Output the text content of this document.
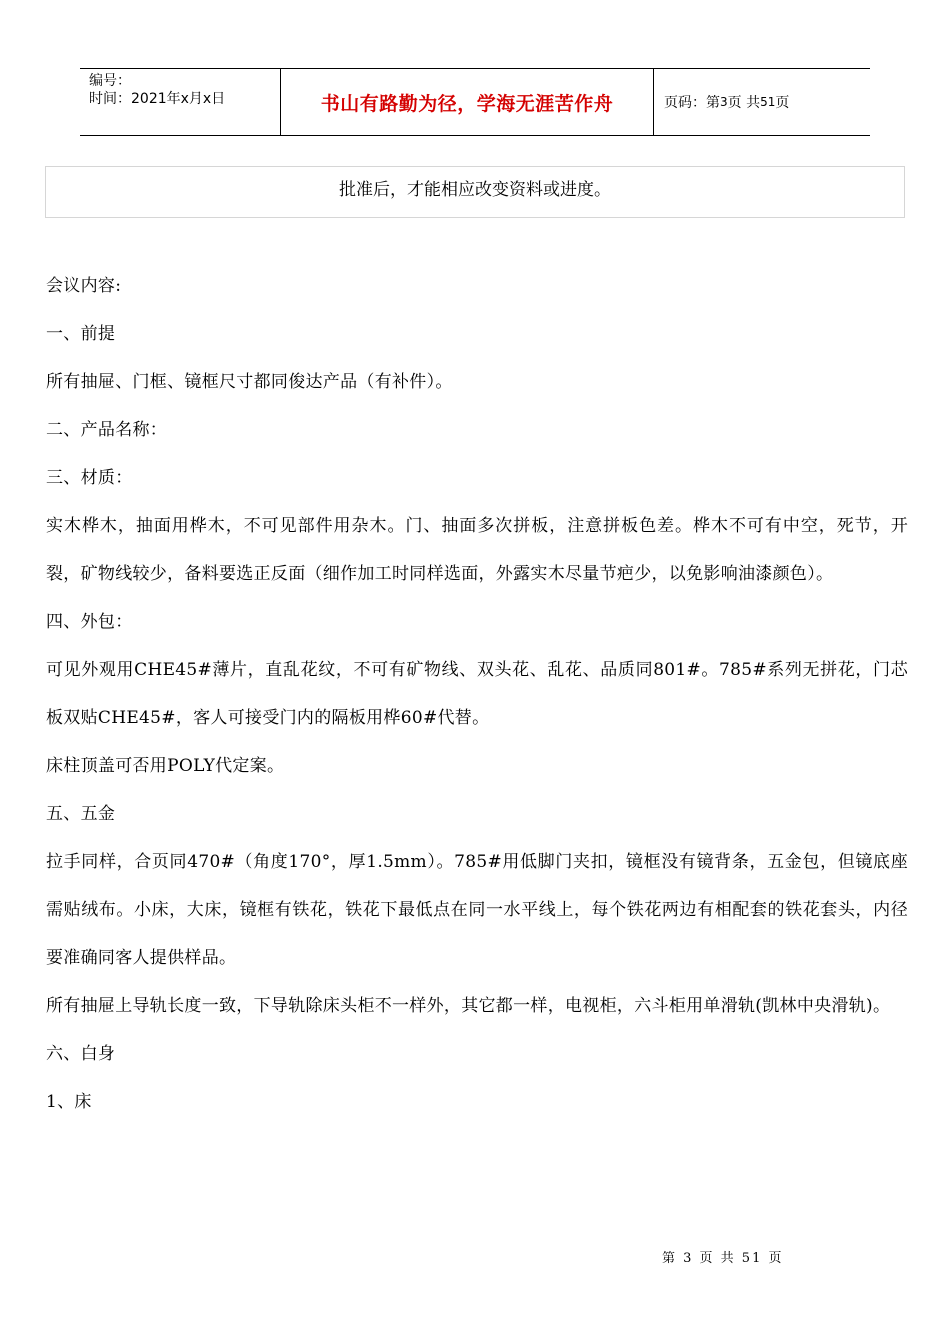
编号：
时间：2021年x月x日	书山有路勤为径，学海无涯苦作舟	页码：第 3 页 共 51 页
批准后，才能相应改变资料或进度。

会议内容:

一、前提

所有抽屉、门框、镜框尺寸都同俊达产品（有补件）。

二、产品名称：

三、材质：

实木桦木，抽面用桦木，不可见部件用杂木。门、抽面多次拼板，注意拼板色差。桦木不可有中空，死节，开裂，矿物线较少，备料要选正反面（细作加工时同样选面，外露实木尽量节疤少，以免影响油漆颜色）。

四、外包：

可见外观用CHE45#薄片，直乱花纹，不可有矿物线、双头花、乱花、品质同801#。785#系列无拼花，门芯板双贴CHE45#，客人可接受门内的隔板用桦60#代替。

床柱顶盖可否用POLY代定案。

五、五金

拉手同样，合页同470#（角度170°，厚1.5mm）。785#用低脚门夹扣，镜框没有镜背条，五金包，但镜底座需贴绒布。小床，大床，镜框有铁花，铁花下最低点在同一水平线上，每个铁花两边有相配套的铁花套头，内径要准确同客人提供样品。

所有抽屉上导轨长度一致，下导轨除床头柜不一样外，其它都一样，电视柜，六斗柜用单滑轨(凯林中央滑轨)。

六、白身

1、床

第 3 页 共 51 页
